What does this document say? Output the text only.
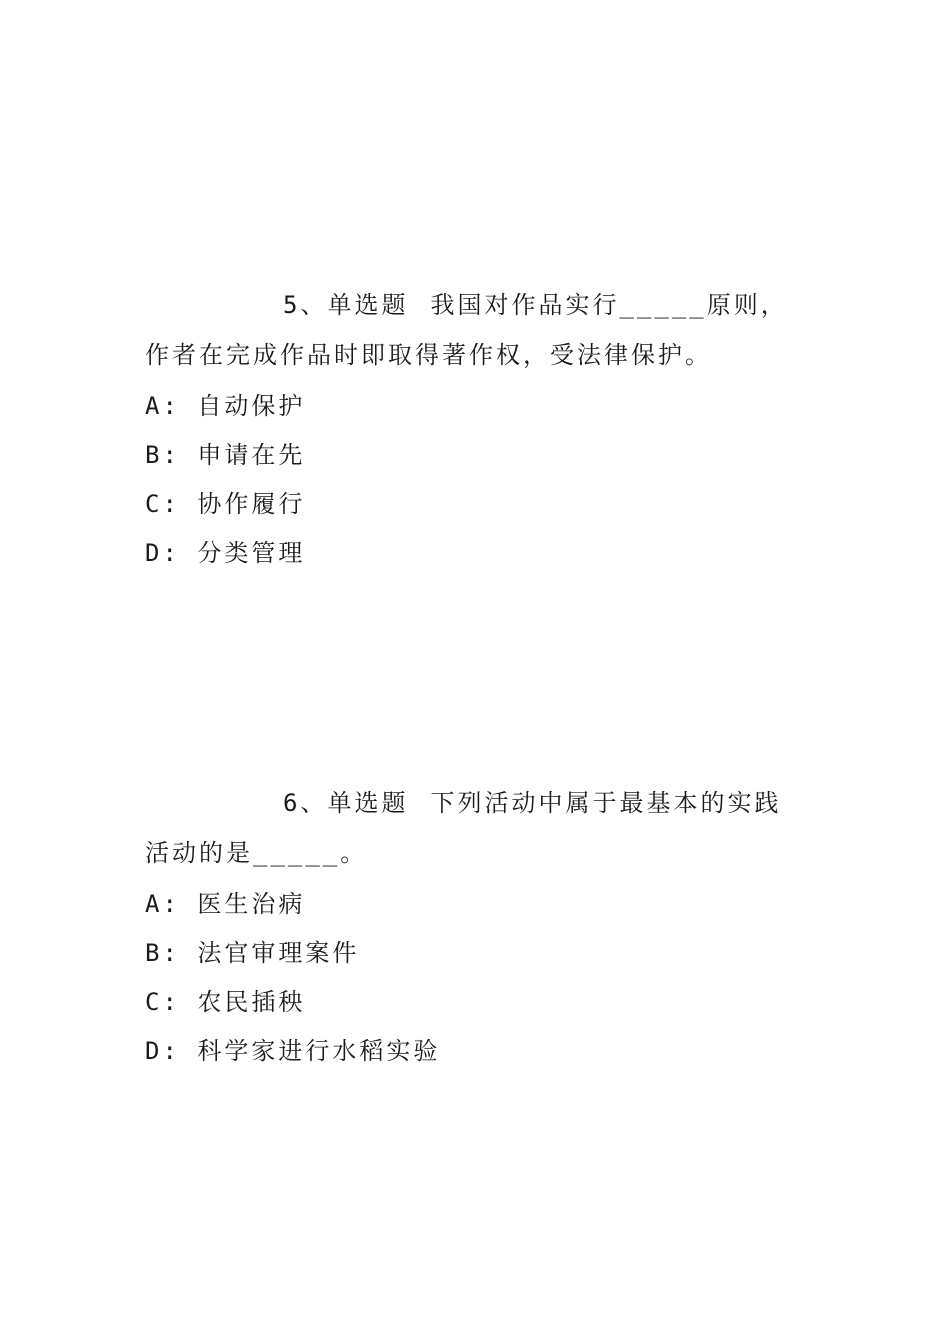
5、单选题 我国对作品实行_____原则，作者在完成作品时即取得著作权，受法律保护。

A: 自动保护
B: 申请在先
C: 协作履行
D: 分类管理

6、单选题 下列活动中属于最基本的实践活动的是_____。

A: 医生治病
B: 法官审理案件
C: 农民插秧
D: 科学家进行水稻实验
